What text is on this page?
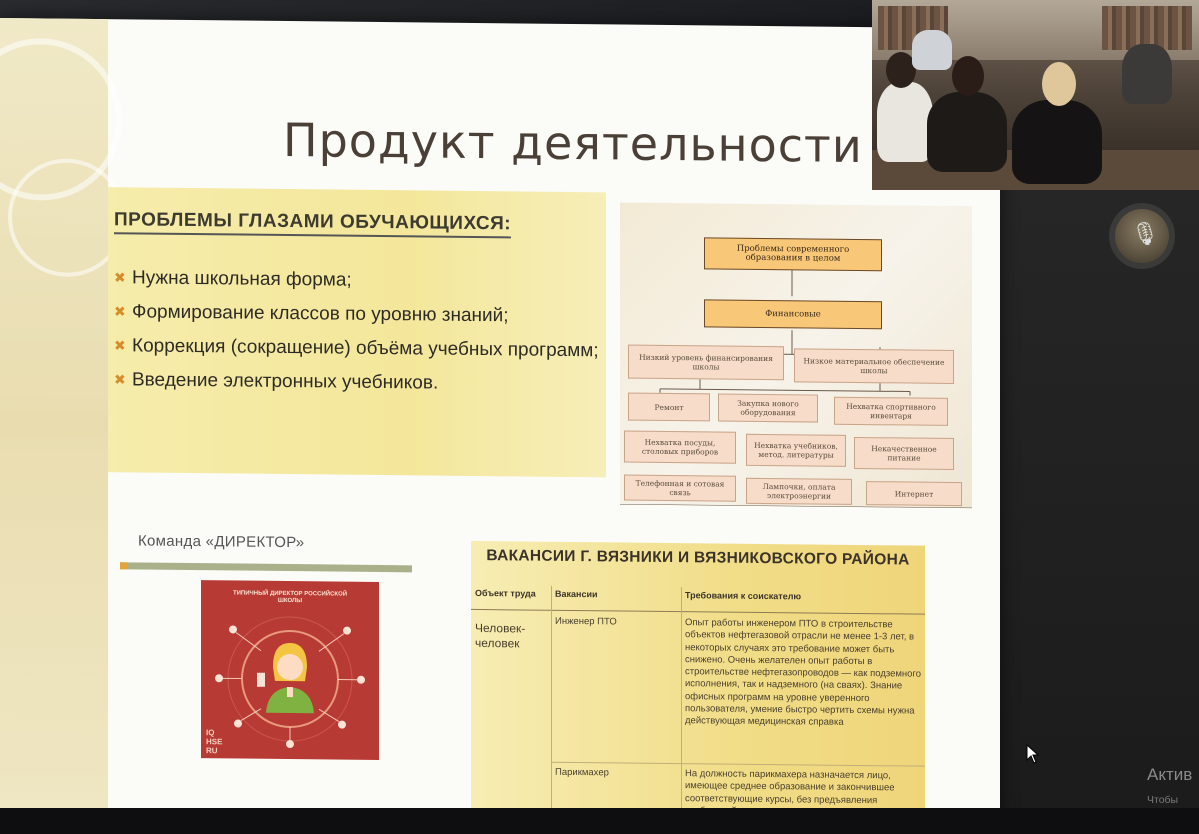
Продукт деятельности
ПРОБЛЕМЫ ГЛАЗАМИ ОБУЧАЮЩИХСЯ:
✖ Нужна школьная форма;
✖ Формирование классов по уровню знаний;
✖ Коррекция (сокращение) объёма учебных программ;
✖ Введение электронных учебников.
Проблемы современного образования в целом
Финансовые
Низкий уровень финансирования школы
Низкое материальное обеспечение школы
Ремонт	Закупка нового оборудования
Нехватка спортивного инвентаря
Нехватка посуды, столовых приборов
Нехватка учебников, метод. литературы
Некачественное питание
Телефонная и сотовая связь
Лампочки, оплата электроэнергии	Интернет
Команда «ДИРЕКТОР»
ТИПИЧНЫЙ ДИРЕКТОР РОССИЙСКОЙ ШКОЛЫ
IQ HSE RU
ВАКАНСИИ Г. ВЯЗНИКИ И ВЯЗНИКОВСКОГО РАЙОНА
Объект труда	Вакансии	Требования к соискателю
Человек-человек
Инженер ПТО	Опыт работы инженером ПТО в строительстве объектов нефтегазовой отрасли не менее 1-3 лет, в некоторых случаях это требование может быть снижено. Очень желателен опыт работы в строительстве нефтегазопроводов — как подземного исполнения, так и надземного (на сваях). Знание офисных программ на уровне уверенного пользователя, умение быстро чертить схемы нужна действующая медицинская справка
Парикмахер	На должность парикмахера назначается лицо, имеющее среднее образование и закончившее соответствующие курсы, без предъявления
🎙
Актив
Чтобы
